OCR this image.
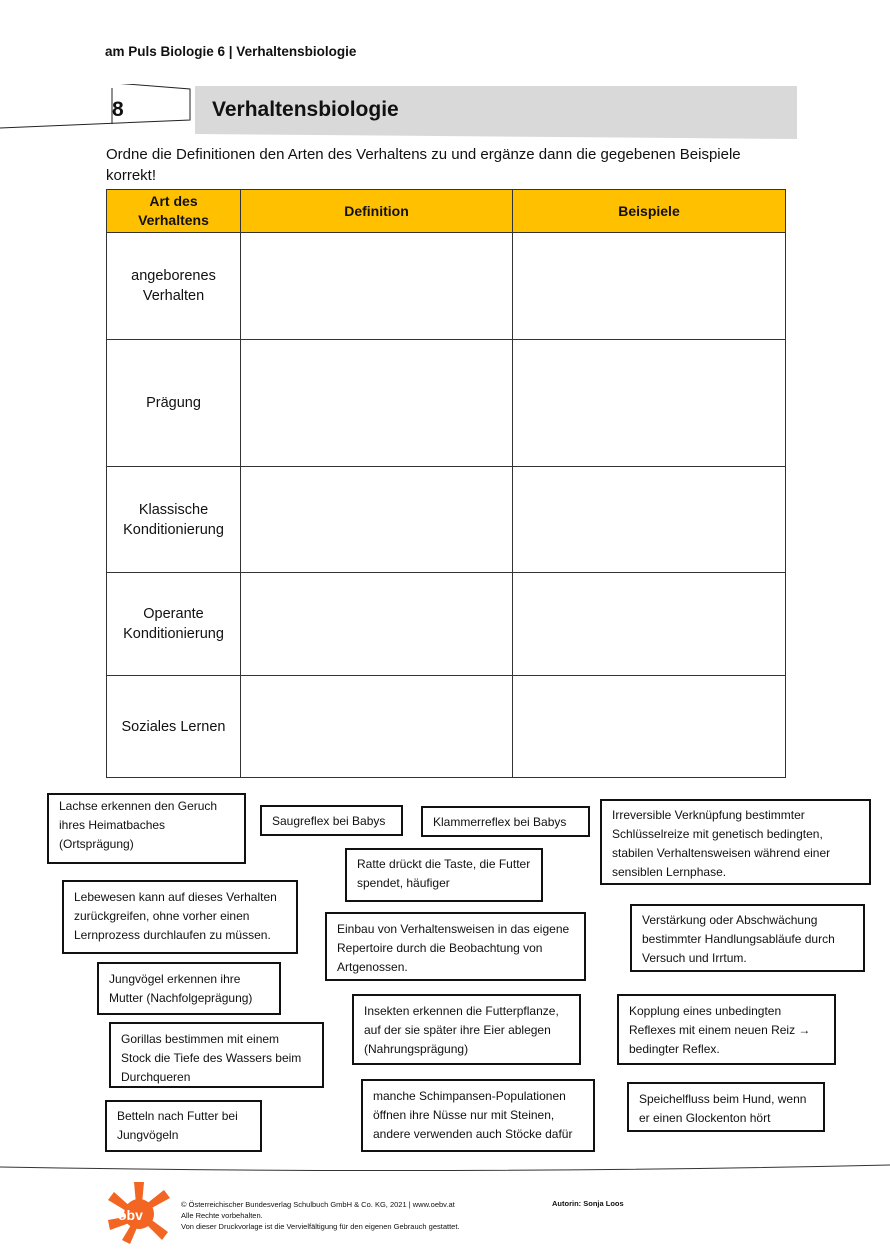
am Puls Biologie 6 | Verhaltensbiologie
8	Verhaltensbiologie
Ordne die Definitionen den Arten des Verhaltens zu und ergänze dann die gegebenen Beispiele korrekt!
Art des Verhaltens	Definition	Beispiele

angeborenes Verhalten		

Prägung		

Klassische Konditionierung		

Operante Konditionierung		

Soziales Lernen		
Lachse erkennen den Geruch ihres Heimatbaches (Ortsprägung)
Saugreflex bei Babys	Klammerreflex bei Babys	Irreversible Verknüpfung bestimmter Schlüsselreize mit genetisch bedingten, stabilen Verhaltensweisen während einer sensiblen Lernphase.
Ratte drückt die Taste, die Futter spendet, häufiger
Lebewesen kann auf dieses Verhalten zurückgreifen, ohne vorher einen Lernprozess durchlaufen zu müssen.	Einbau von Verhaltensweisen in das eigene Repertoire durch die Beobachtung von Artgenossen.
Verstärkung oder Abschwächung bestimmter Handlungsabläufe durch Versuch und Irrtum.
Jungvögel erkennen ihre Mutter (Nachfolgeprägung)
Insekten erkennen die Futterpflanze, auf der sie später ihre Eier ablegen (Nahrungsprägung)
Kopplung eines unbedingten Reflexes mit einem neuen Reiz → bedingter Reflex.
Gorillas bestimmen mit einem Stock die Tiefe des Wassers beim Durchqueren
manche Schimpansen-Populationen öffnen ihre Nüsse nur mit Steinen, andere verwenden auch Stöcke dafür
Speichelfluss beim Hund, wenn er einen Glockenton hört
Betteln nach Futter bei Jungvögeln
öbv
© Österreichischer Bundesverlag Schulbuch GmbH & Co. KG, 2021 | www.oebv.at
Alle Rechte vorbehalten.
Von dieser Druckvorlage ist die Vervielfältigung für den eigenen Gebrauch gestattet.
Autorin: Sonja Loos
